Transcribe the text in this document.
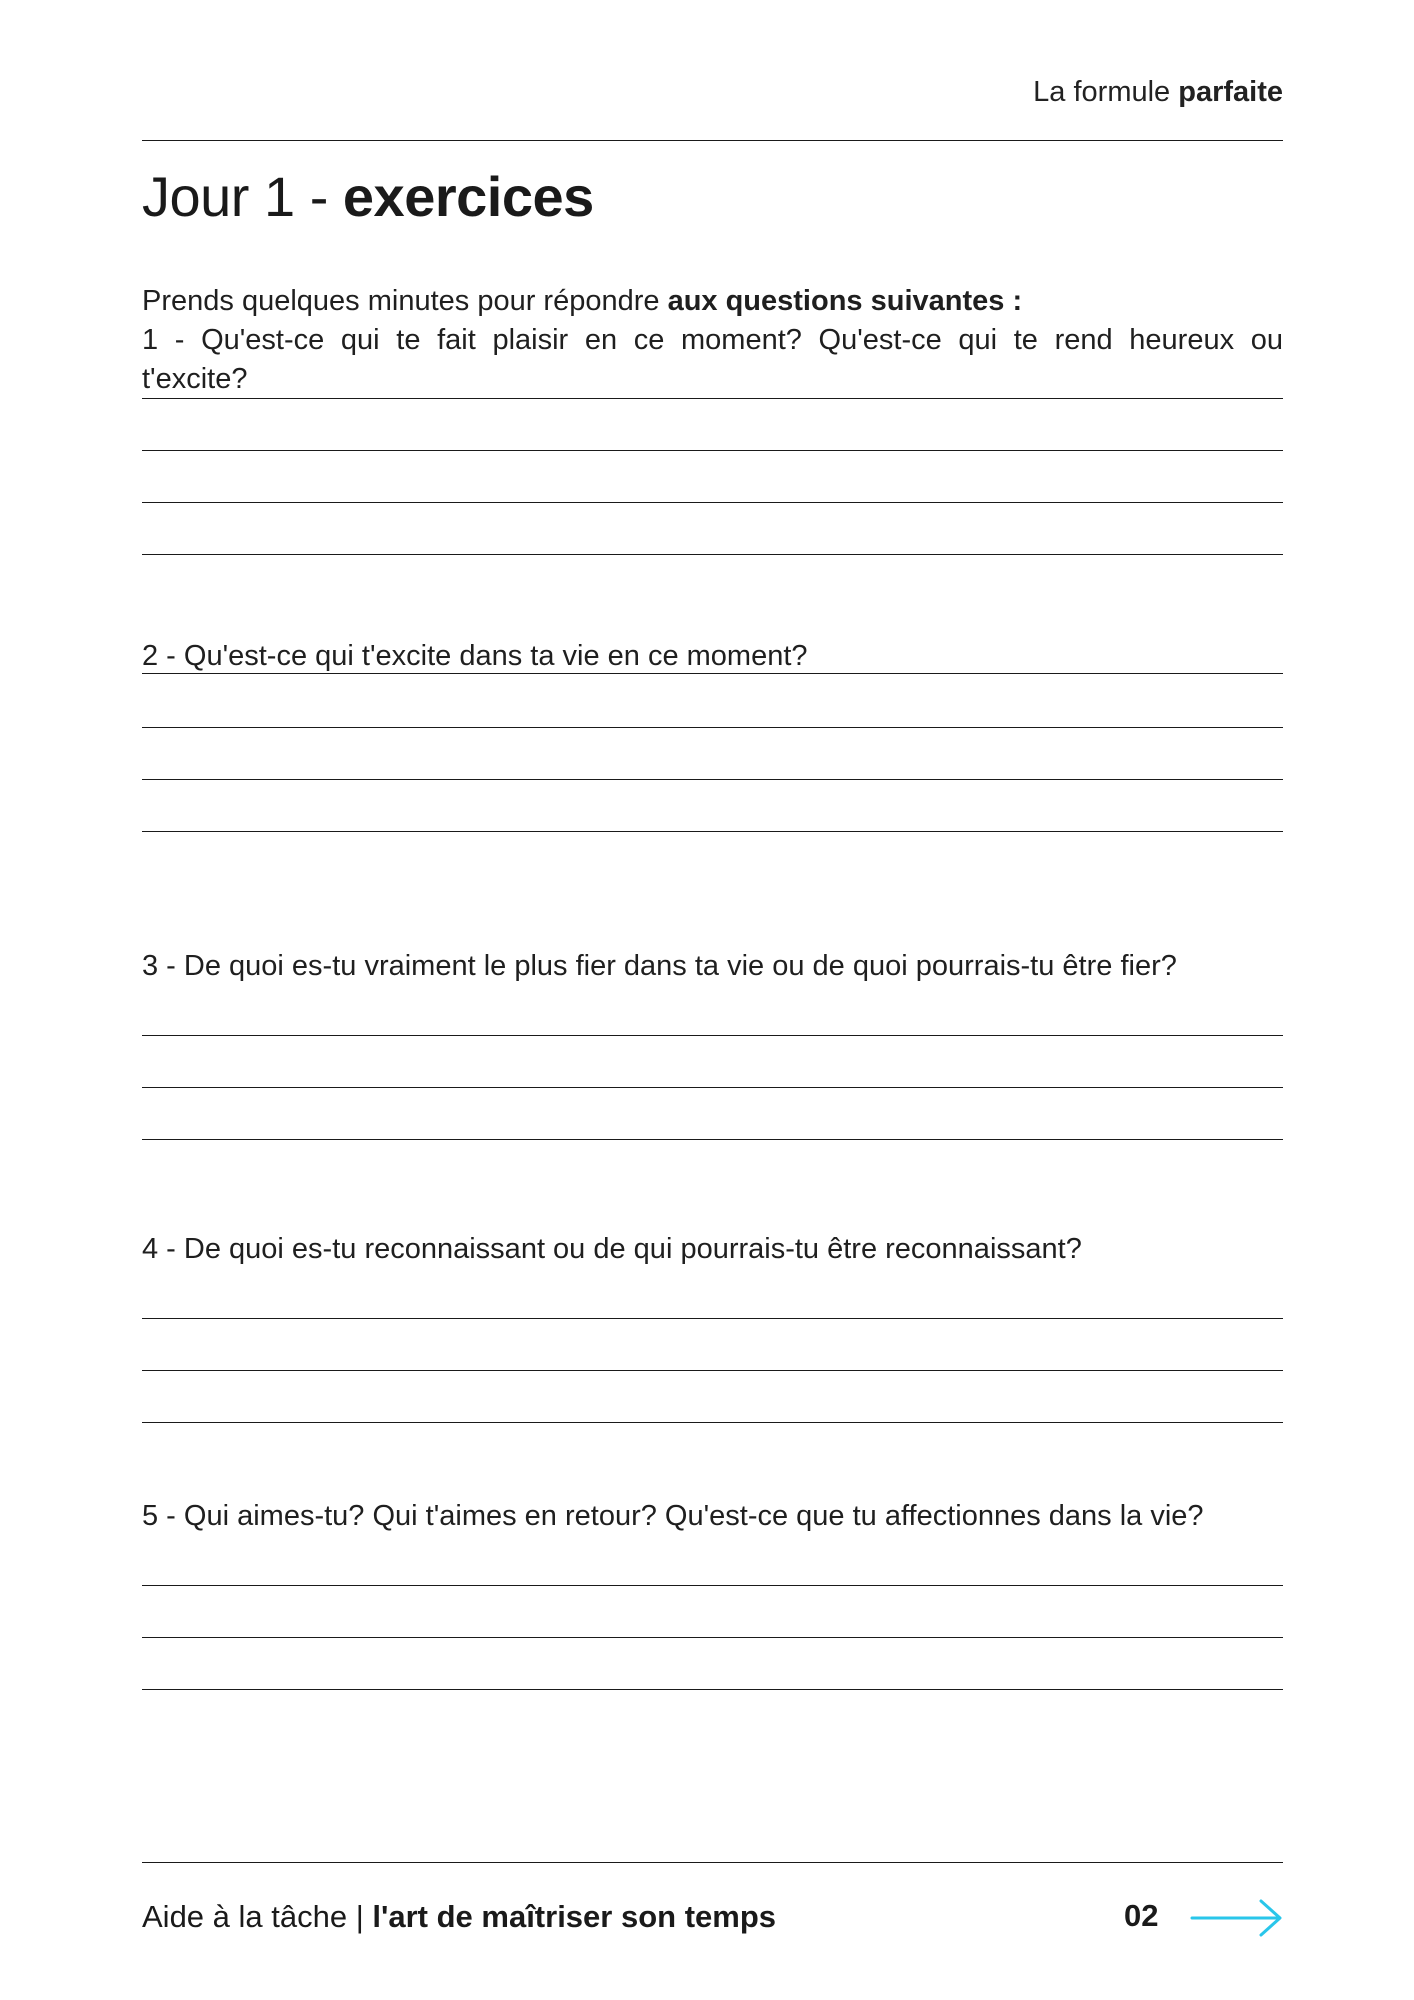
La formule parfaite
Jour 1 - exercices
Prends quelques minutes pour répondre aux questions suivantes :
1 - Qu'est-ce qui te fait plaisir en ce moment? Qu'est-ce qui te rend heureux ou
t'excite?
2 - Qu'est-ce qui t'excite dans ta vie en ce moment?
3 - De quoi es-tu vraiment le plus fier dans ta vie ou de quoi pourrais-tu être fier?
4 - De quoi es-tu reconnaissant ou de qui pourrais-tu être reconnaissant?
5 - Qui aimes-tu? Qui t'aimes en retour? Qu'est-ce que tu affectionnes dans la vie?
Aide à la tâche | l'art de maîtriser son temps	02
